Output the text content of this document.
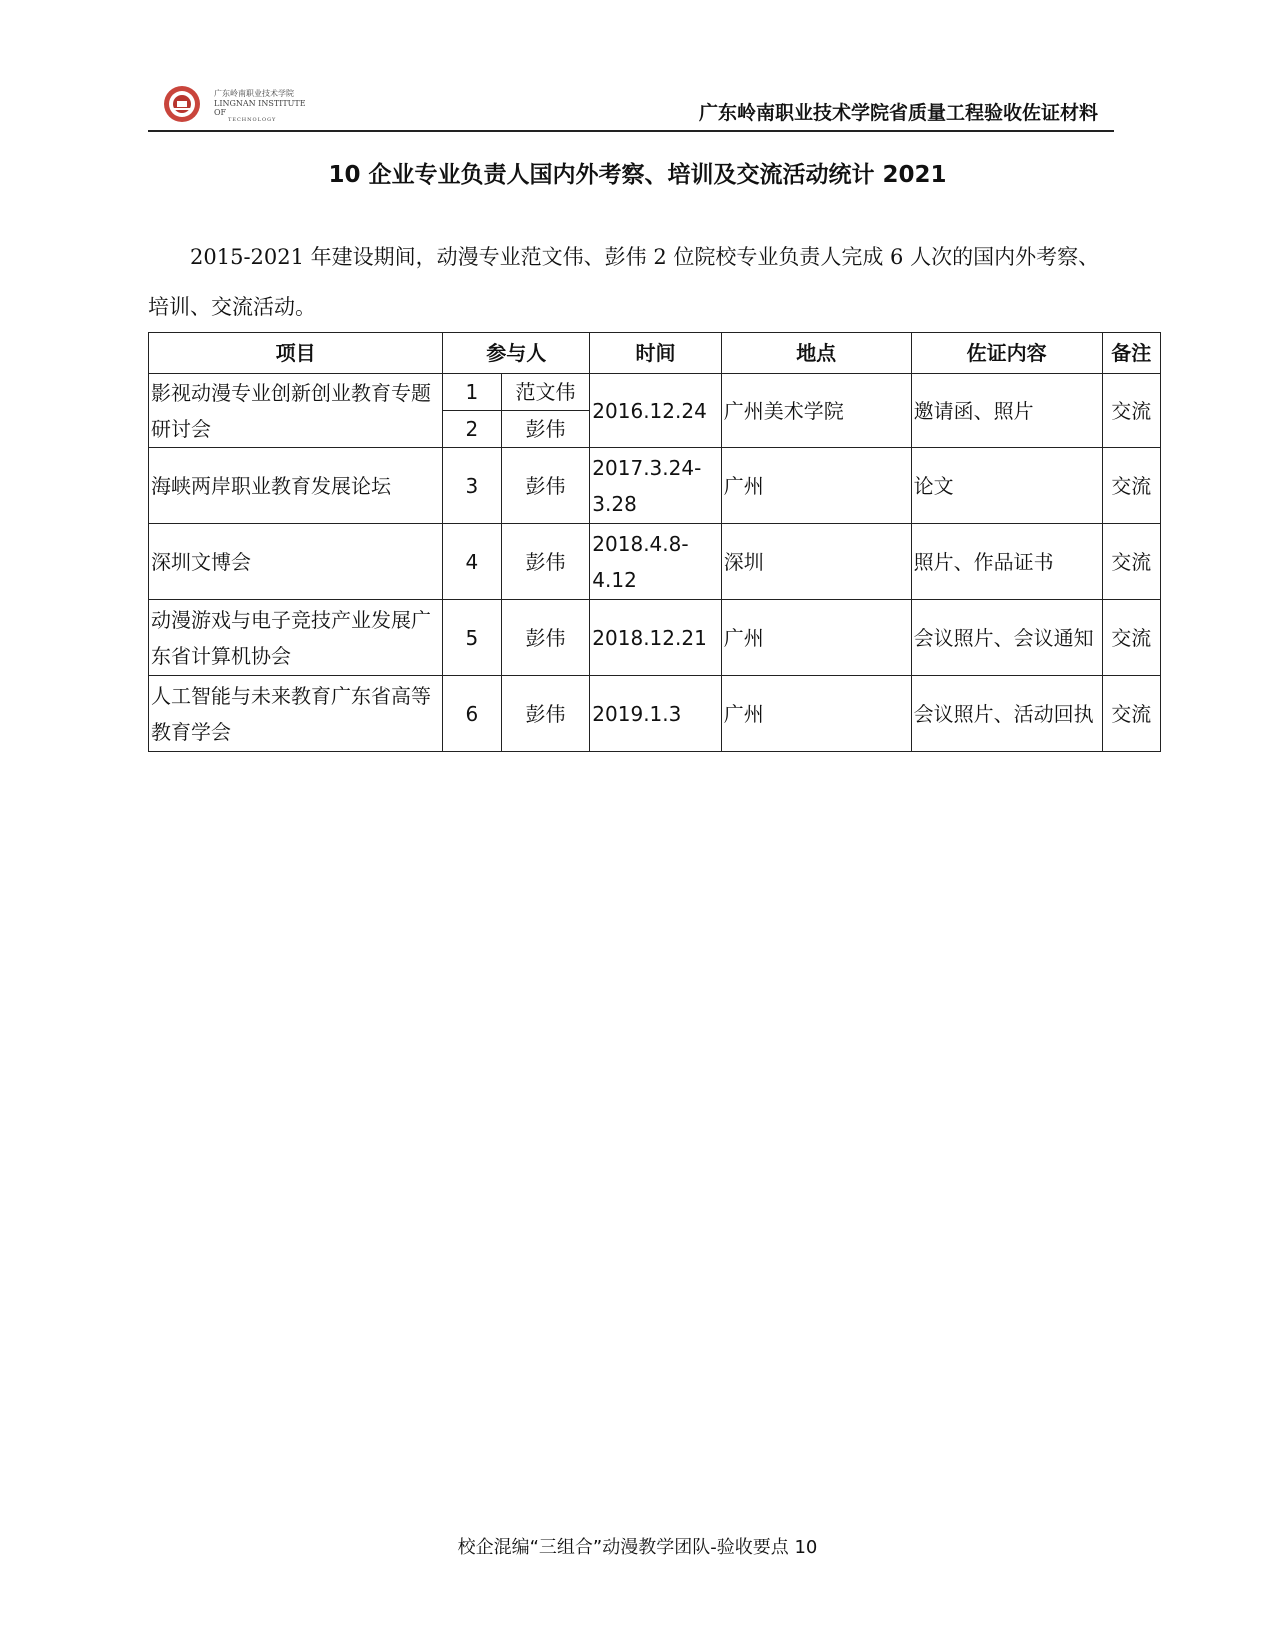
广东岭南职业技术学院
LINGNAN INSTITUTE OF
TECHNOLOGY	广东岭南职业技术学院省质量工程验收佐证材料
10 企业专业负责人国内外考察、培训及交流活动统计 2021
2015-2021 年建设期间，动漫专业范文伟、彭伟 2 位院校专业负责人完成 6 人次的国内外考察、培训、交流活动。
项目	参与人		时间	地点	佐证内容	备注
影视动漫专业创新创业教育专题研讨会	1	范文伟	2016.12.24	广州美术学院	邀请函、照片	交流
	2	彭伟				
海峡两岸职业教育发展论坛	3	彭伟	2017.3.24-3.28	广州	论文	交流
深圳文博会	4	彭伟	2018.4.8-4.12	深圳	照片、作品证书	交流
动漫游戏与电子竞技产业发展广东省计算机协会	5	彭伟	2018.12.21	广州	会议照片、会议通知	交流
人工智能与未来教育广东省高等教育学会	6	彭伟	2019.1.3	广州	会议照片、活动回执	交流
校企混编“三组合”动漫教学团队-验收要点 10
